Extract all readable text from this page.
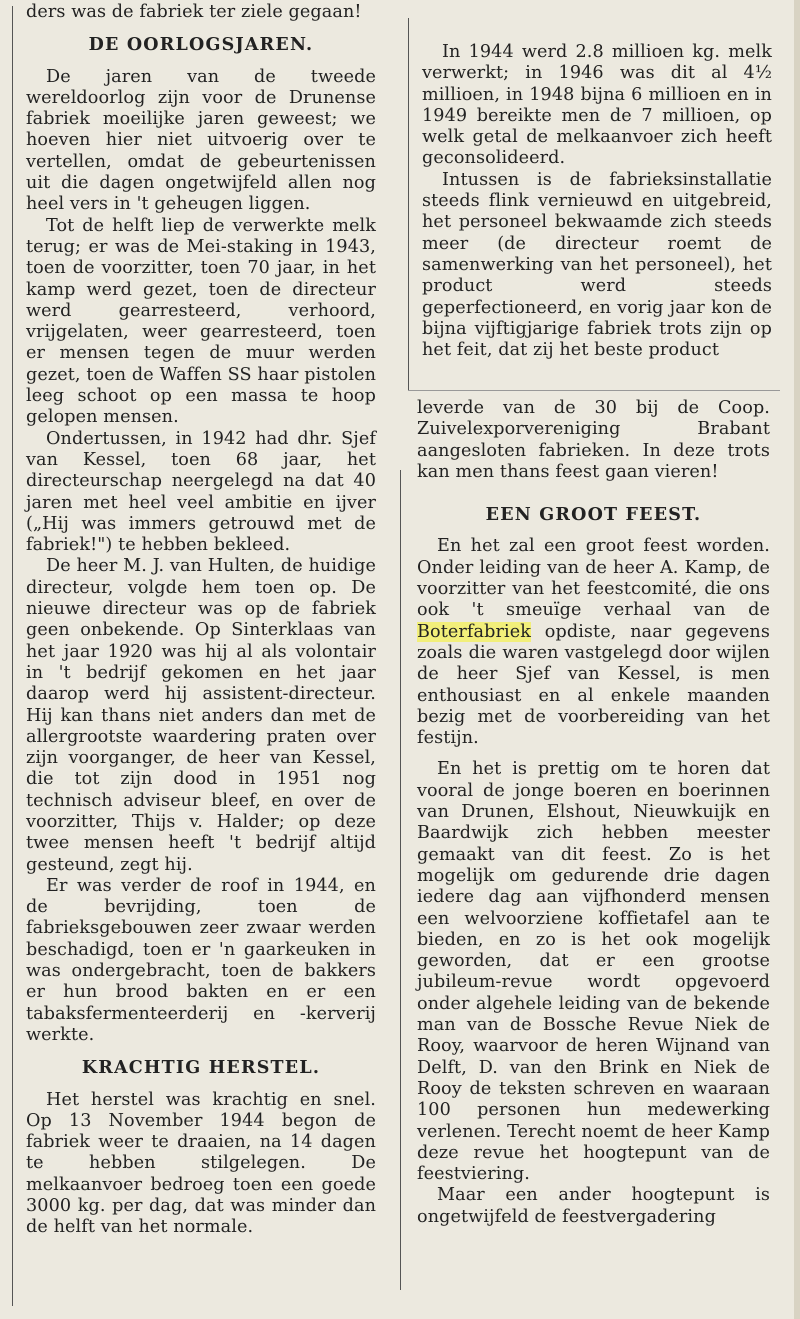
ders was de fabriek ter ziele gegaan!

DE OORLOGSJAREN.

De jaren van de tweede wereldoorlog zijn voor de Drunense fabriek moeilijke jaren geweest; we hoeven hier niet uitvoerig over te vertellen, omdat de gebeurtenissen uit die dagen ongetwijfeld allen nog heel vers in 't geheugen liggen.

Tot de helft liep de verwerkte melk terug; er was de Mei-staking in 1943, toen de voorzitter, toen 70 jaar, in het kamp werd gezet, toen de directeur werd gearresteerd, verhoord, vrijgelaten, weer gearresteerd, toen er mensen tegen de muur werden gezet, toen de Waffen SS haar pistolen leeg schoot op een massa te hoop gelopen mensen.

Ondertussen, in 1942 had dhr. Sjef van Kessel, toen 68 jaar, het directeurschap neergelegd na dat 40 jaren met heel veel ambitie en ijver („Hij was immers getrouwd met de fabriek!") te hebben bekleed.

De heer M. J. van Hulten, de huidige directeur, volgde hem toen op. De nieuwe directeur was op de fabriek geen onbekende. Op Sinterklaas van het jaar 1920 was hij al als volontair in 't bedrijf gekomen en het jaar daarop werd hij assistent-directeur. Hij kan thans niet anders dan met de allergrootste waardering praten over zijn voorganger, de heer van Kessel, die tot zijn dood in 1951 nog technisch adviseur bleef, en over de voorzitter, Thijs v. Halder; op deze twee mensen heeft 't bedrijf altijd gesteund, zegt hij.

Er was verder de roof in 1944, en de bevrijding, toen de fabrieksgebouwen zeer zwaar werden beschadigd, toen er 'n gaarkeuken in was ondergebracht, toen de bakkers er hun brood bakten en er een tabaksfermenteerderij en -kerverij werkte.

KRACHTIG HERSTEL.

Het herstel was krachtig en snel. Op 13 November 1944 begon de fabriek weer te draaien, na 14 dagen te hebben stilgelegen. De melkaanvoer bedroeg toen een goede 3000 kg. per dag, dat was minder dan de helft van het normale.

In 1944 werd 2.8 millioen kg. melk verwerkt; in 1946 was dit al 4½ millioen, in 1948 bijna 6 millioen en in 1949 bereikte men de 7 millioen, op welk getal de melkaanvoer zich heeft geconsolideerd.

Intussen is de fabrieksinstallatie steeds flink vernieuwd en uitgebreid, het personeel bekwaamde zich steeds meer (de directeur roemt de samenwerking van het personeel), het product werd steeds geperfectioneerd, en vorig jaar kon de bijna vijftigjarige fabriek trots zijn op het feit, dat zij het beste product

leverde van de 30 bij de Coop. Zuivelexporvereniging Brabant aangesloten fabrieken. In deze trots kan men thans feest gaan vieren!

EEN GROOT FEEST.

En het zal een groot feest worden. Onder leiding van de heer A. Kamp, de voorzitter van het feestcomité, die ons ook 't smeuïge verhaal van de Boterfabriek opdiste, naar gegevens zoals die waren vastgelegd door wijlen de heer Sjef van Kessel, is men enthousiast en al enkele maanden bezig met de voorbereiding van het festijn.

En het is prettig om te horen dat vooral de jonge boeren en boerinnen van Drunen, Elshout, Nieuwkuijk en Baardwijk zich hebben meester gemaakt van dit feest. Zo is het mogelijk om gedurende drie dagen iedere dag aan vijfhonderd mensen een welvoorziene koffietafel aan te bieden, en zo is het ook mogelijk geworden, dat er een grootse jubileum-revue wordt opgevoerd onder algehele leiding van de bekende man van de Bossche Revue Niek de Rooy, waarvoor de heren Wijnand van Delft, D. van den Brink en Niek de Rooy de teksten schreven en waaraan 100 personen hun medewerking verlenen. Terecht noemt de heer Kamp deze revue het hoogtepunt van de feestviering.

Maar een ander hoogtepunt is ongetwijfeld de feestvergadering
